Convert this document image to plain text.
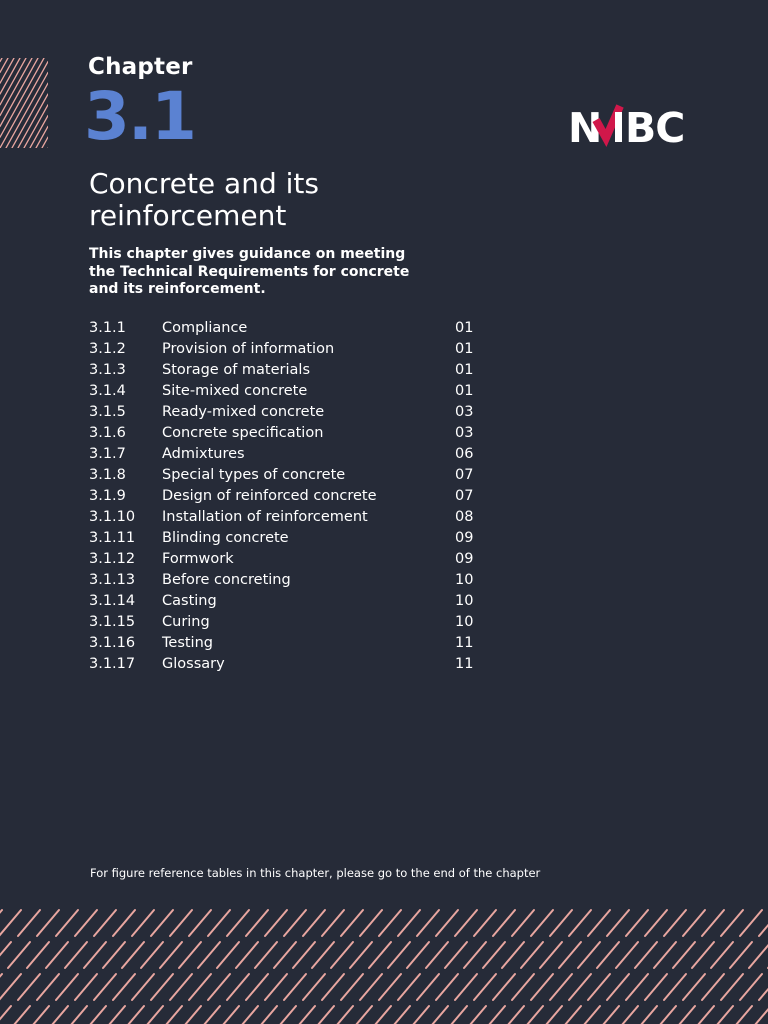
Chapter
3.1	N BC
Concrete and its reinforcement

This chapter gives guidance on meeting the Technical Requirements for concrete and its reinforcement.

3.1.1 Compliance	01
3.1.2 Provision of information	01
3.1.3 Storage of materials	01
3.1.4 Site-mixed concrete	01
3.1.5 Ready-mixed concrete	03
3.1.6 Concrete specification	03
3.1.7 Admixtures	06
3.1.8 Special types of concrete	07
3.1.9 Design of reinforced concrete	07
3.1.10 Installation of reinforcement	08
3.1.11 Blinding concrete	09
3.1.12 Formwork	09
3.1.13 Before concreting	10
3.1.14 Casting	10
3.1.15 Curing	10
3.1.16 Testing	11
3.1.17 Glossary	11
For figure reference tables in this chapter, please go to the end of the chapter
